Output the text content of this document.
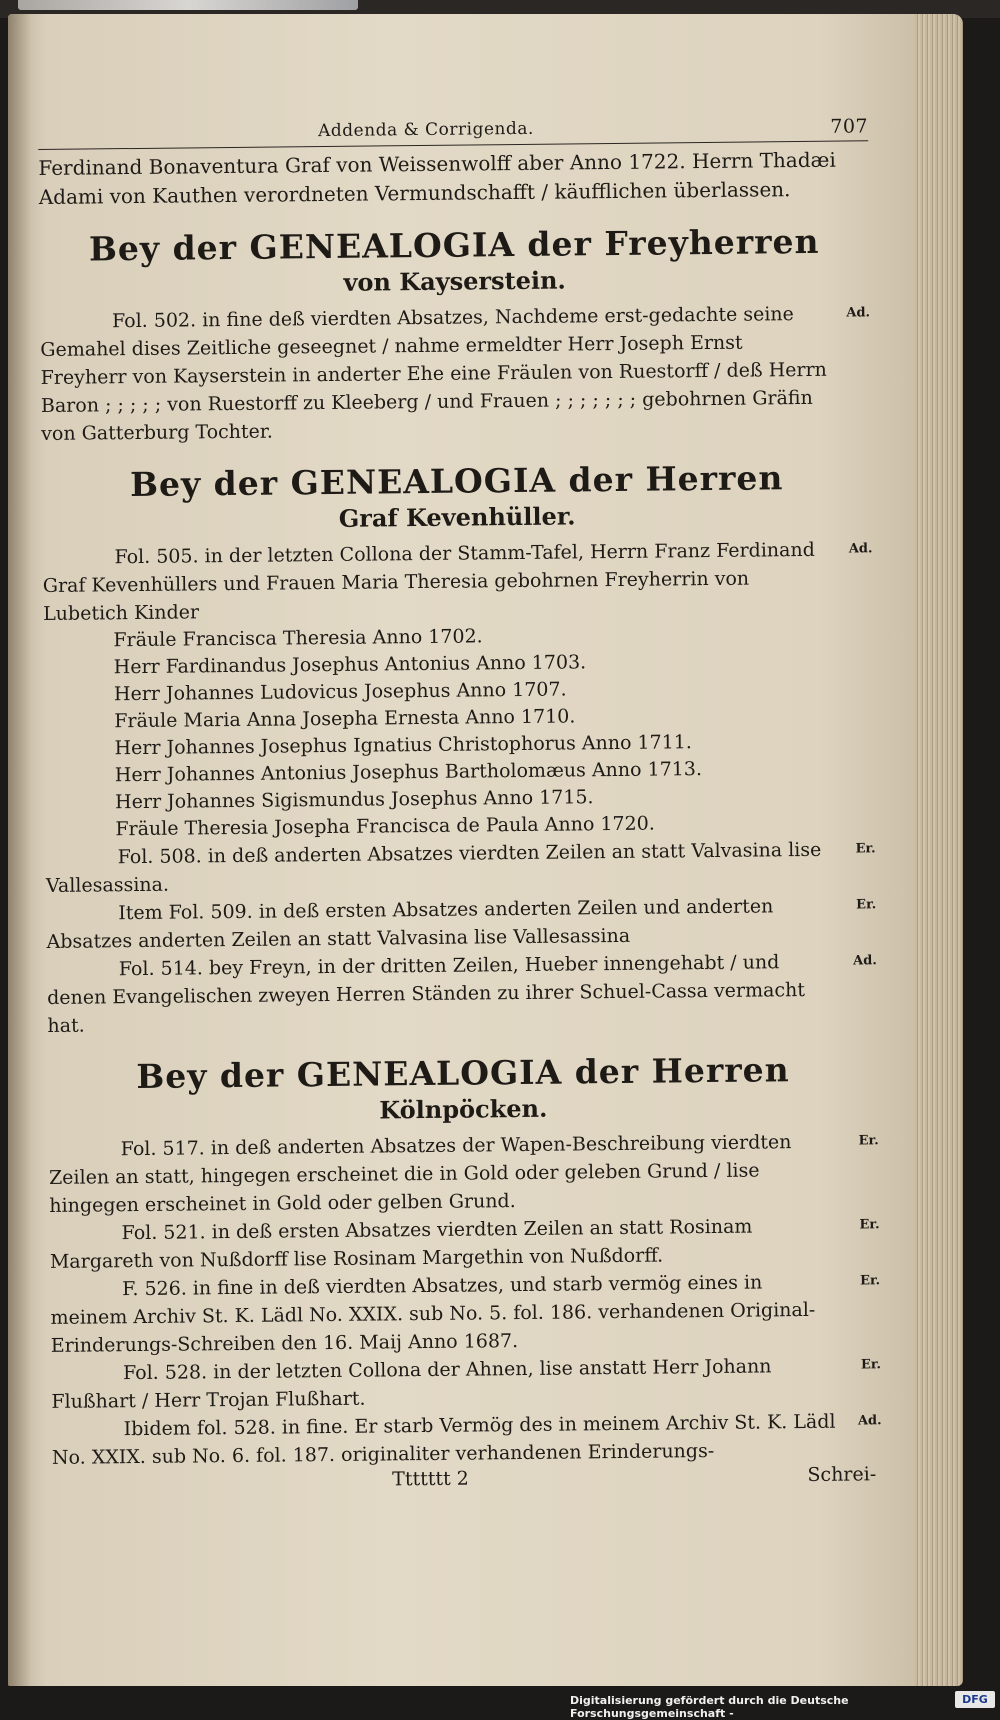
Addenda & Corrigenda.	707

Ferdinand Bonaventura Graf von Weissenwolff aber Anno 1722. Herrn Thadæi Adami von Kauthen verordneten Vermundschafft / käufflichen überlassen.

Bey der GENEALOGIA der Freyherren
von Kayserstein.

Fol. 502. in fine deß vierdten Absatzes, Nachdeme erst-gedachte seine Gemahel dises Zeitliche geseegnet / nahme ermeldter Herr Joseph Ernst Freyherr von Kayserstein in anderter Ehe eine Fräulen von Ruestorff / deß Herrn Baron ; ; ; ; ; von Ruestorff zu Kleeberg / und Frauen ; ; ; ; ; ; ; gebohrnen Gräfin von Gatterburg Tochter.
Ad.

Bey der GENEALOGIA der Herren
Graf Kevenhüller.

Fol. 505. in der letzten Collona der Stamm-Tafel, Herrn Franz Ferdinand Graf Kevenhüllers und Frauen Maria Theresia gebohrnen Freyherrin von Lubetich Kinder
Ad.

Fräule Francisca Theresia Anno 1702.

Herr Fardinandus Josephus Antonius Anno 1703.

Herr Johannes Ludovicus Josephus Anno 1707.

Fräule Maria Anna Josepha Ernesta Anno 1710.

Herr Johannes Josephus Ignatius Christophorus Anno 1711.

Herr Johannes Antonius Josephus Bartholomæus Anno 1713.

Herr Johannes Sigismundus Josephus Anno 1715.

Fräule Theresia Josepha Francisca de Paula Anno 1720.

Fol. 508. in deß anderten Absatzes vierdten Zeilen an statt Valvasina lise Vallesassina.
Er.

Item Fol. 509. in deß ersten Absatzes anderten Zeilen und anderten Absatzes anderten Zeilen an statt Valvasina lise Vallesassina
Er.

Fol. 514. bey Freyn, in der dritten Zeilen, Hueber innengehabt / und denen Evangelischen zweyen Herren Ständen zu ihrer Schuel-Cassa vermacht hat.
Ad.

Bey der GENEALOGIA der Herren
Kölnpöcken.

Fol. 517. in deß anderten Absatzes der Wapen-Beschreibung vierdten Zeilen an statt, hingegen erscheinet die in Gold oder geleben Grund / lise hingegen erscheinet in Gold oder gelben Grund.
Er.

Fol. 521. in deß ersten Absatzes vierdten Zeilen an statt Rosinam Margareth von Nußdorff lise Rosinam Margethin von Nußdorff.
Er.

F. 526. in fine in deß vierdten Absatzes, und starb vermög eines in meinem Archiv St. K. Lädl No. XXIX. sub No. 5. fol. 186. verhandenen Original-Erinderungs-Schreiben den 16. Maij Anno 1687.
Er.

Fol. 528. in der letzten Collona der Ahnen, lise anstatt Herr Johann Flußhart / Herr Trojan Flußhart.
Er.

Ibidem fol. 528. in fine. Er starb Vermög des in meinem Archiv St. K. Lädl No. XXIX. sub No. 6. fol. 187. originaliter verhandenen Erinderungs-
Ad.

Ttttttt 2	Schrei-
Digitalisierung gefördert durch die Deutsche Forschungsgemeinschaft -
DFG
